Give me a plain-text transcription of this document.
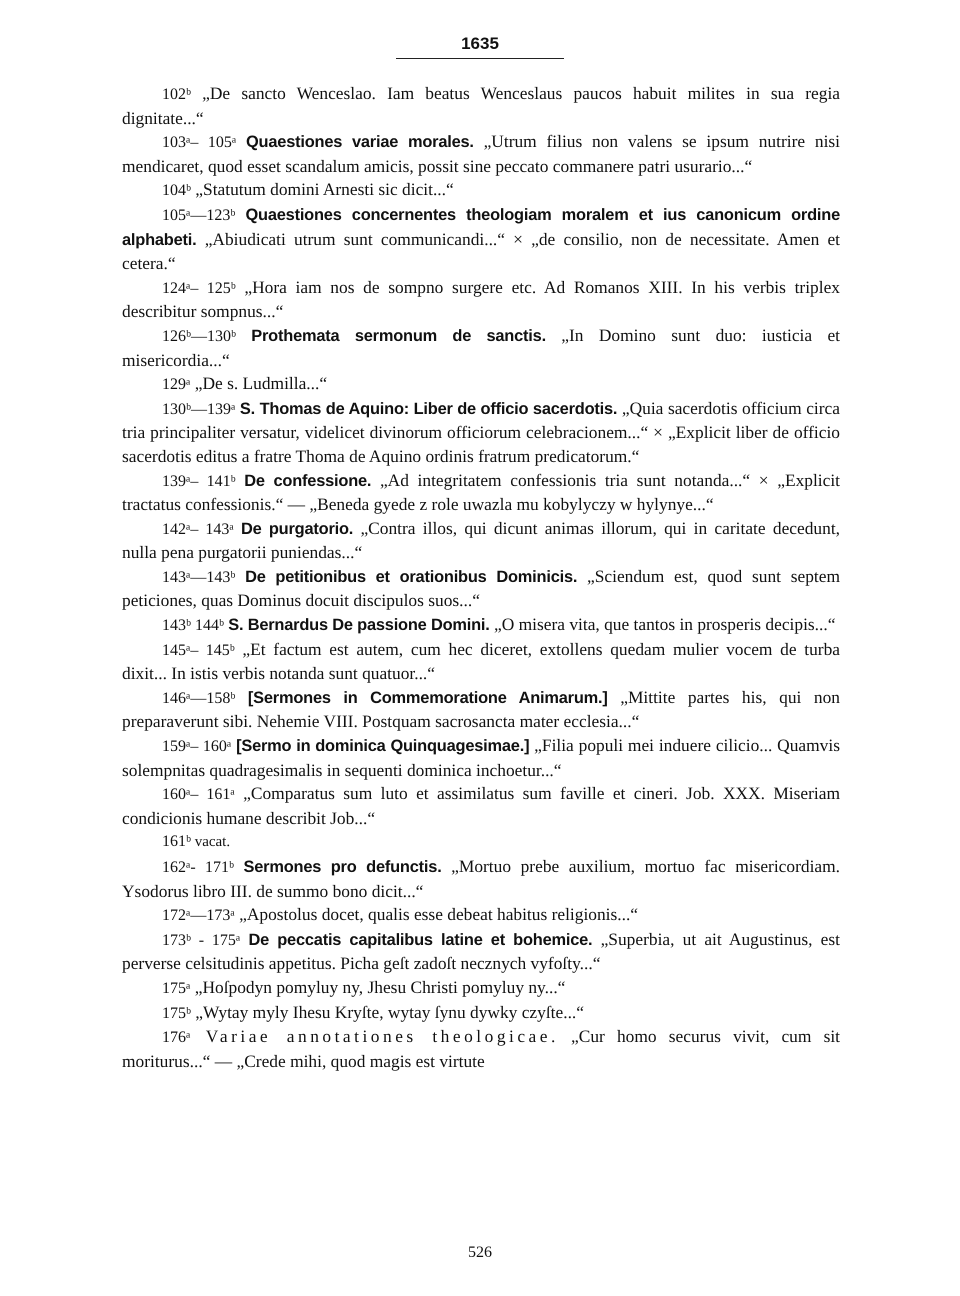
1635

102ᵇ „De sancto Wenceslao. Iam beatus Wenceslaus paucos habuit milites in sua regia dignitate...“

103ᵃ– 105ᵃ Quaestiones variae morales. „Utrum filius non valens se ipsum nutrire nisi mendicaret, quod esset scandalum amicis, possit sine peccato commanere patri usurario...“

104ᵇ „Statutum domini Arnesti sic dicit...“

105ᵃ—123ᵇ Quaestiones concernentes theologiam moralem et ius canonicum ordine alphabeti. „Abiudicati utrum sunt communicandi...“ × „de consilio, non de necessitate. Amen et cetera.“

124ᵃ– 125ᵇ „Hora iam nos de sompno surgere etc. Ad Romanos XIII. In his verbis triplex describitur sompnus...“

126ᵇ—130ᵇ Prothemata sermonum de sanctis. „In Domino sunt duo: iusticia et misericordia...“

129ᵃ „De s. Ludmilla...“

130ᵇ—139ᵃ S. Thomas de Aquino: Liber de officio sacerdotis. „Quia sacerdotis officium circa tria principaliter versatur, videlicet divinorum officiorum celebracionem...“ × „Explicit liber de officio sacerdotis editus a fratre Thoma de Aquino ordinis fratrum predicatorum.“

139ᵃ– 141ᵇ De confessione. „Ad integritatem confessionis tria sunt notanda...“ × „Explicit tractatus confessionis.“ — „Beneda gyede z role uwazla mu kobylyczy w hylynye...“

142ᵃ– 143ᵃ De purgatorio. „Contra illos, qui dicunt animas illorum, qui in caritate decedunt, nulla pena purgatorii puniendas...“

143ᵃ—143ᵇ De petitionibus et orationibus Dominicis. „Sciendum est, quod sunt septem peticiones, quas Dominus docuit discipulos suos...“

143ᵇ 144ᵇ S. Bernardus De passione Domini. „O misera vita, que tantos in prosperis decipis...“

145ᵃ– 145ᵇ „Et factum est autem, cum hec diceret, extollens quedam mulier vocem de turba dixit... In istis verbis notanda sunt quatuor...“

146ᵃ—158ᵇ [Sermones in Commemoratione Animarum.] „Mittite partes his, qui non preparaverunt sibi. Nehemie VIII. Postquam sacrosancta mater ecclesia...“

159ᵃ– 160ᵃ [Sermo in dominica Quinquagesimae.] „Filia populi mei induere cilicio... Quamvis solempnitas quadragesimalis in sequenti dominica inchoetur...“

160ᵃ– 161ᵃ „Comparatus sum luto et assimilatus sum faville et cineri. Job. XXX. Miseriam condicionis humane describit Job...“

161ᵇ vacat.

162ᵃ- 171ᵇ Sermones pro defunctis. „Mortuo prebe auxilium, mortuo fac misericordiam. Ysodorus libro III. de summo bono dicit...“

172ᵃ—173ᵃ „Apostolus docet, qualis esse debeat habitus religionis...“

173ᵇ - 175ᵃ De peccatis capitalibus latine et bohemice. „Superbia, ut ait Augustinus, est perverse celsitudinis appetitus. Picha geſt zadoſt necznych vyfoſty...“

175ᵃ „Hoſpodyn pomyluy ny, Jhesu Christi pomyluy ny...“

175ᵇ „Wytay myly Ihesu Kryſte, wytay ſynu dywky czyſte...“

176ᵃ Variae annotationes theologicae. „Cur homo securus vivit, cum sit moriturus...“ — „Crede mihi, quod magis est virtute

526
